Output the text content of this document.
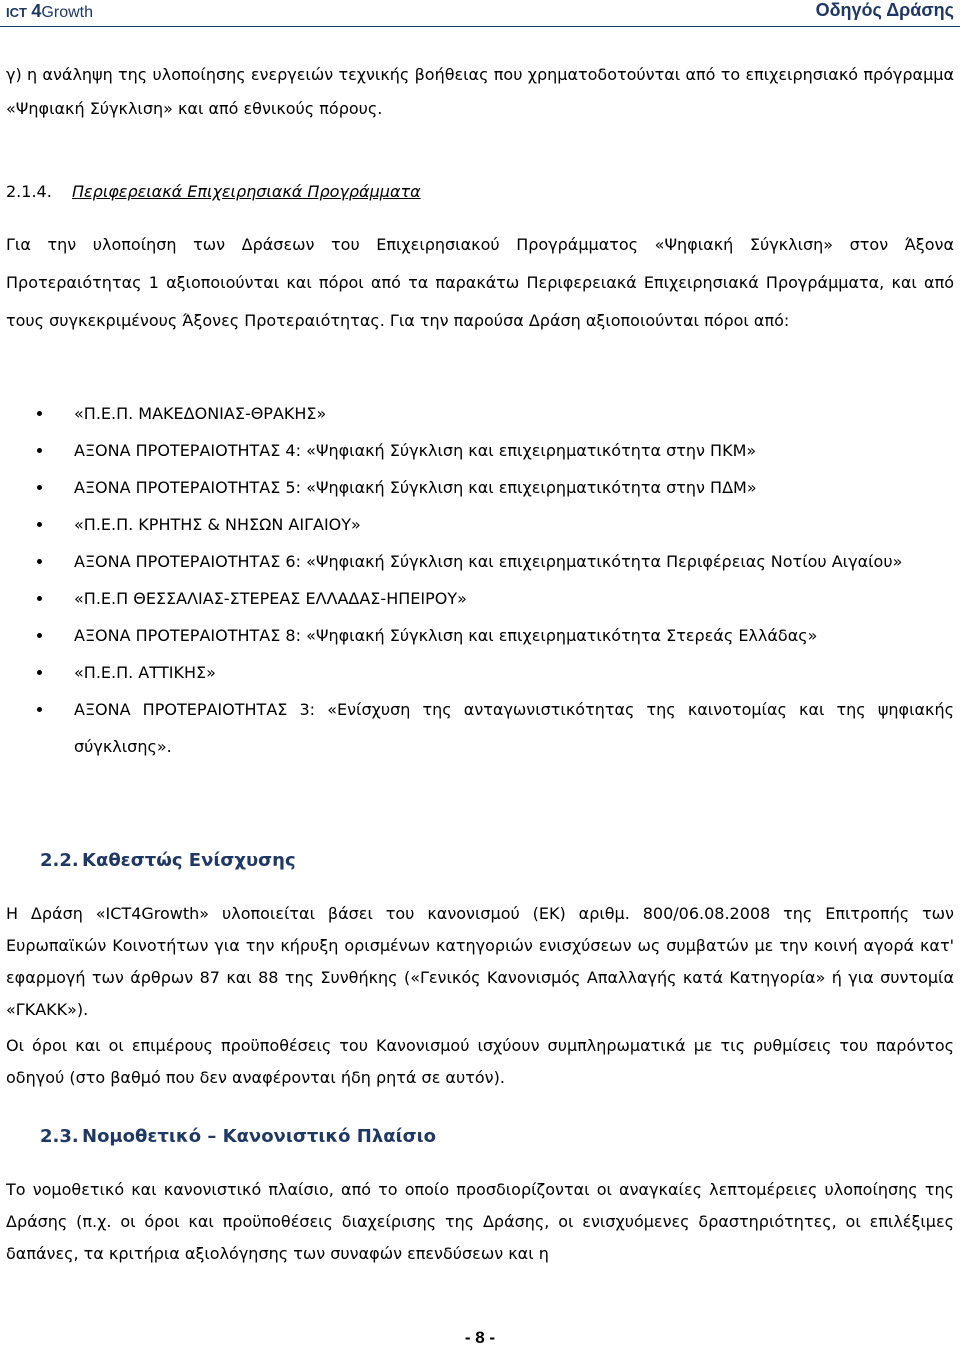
ICT 4Growth	Οδηγός Δράσης

γ) η ανάληψη της υλοποίησης ενεργειών τεχνικής βοήθειας που χρηματοδοτούνται από το επιχειρησιακό πρόγραμμα «Ψηφιακή Σύγκλιση» και από εθνικούς πόρους.

2.1.4. Περιφερειακά Επιχειρησιακά Προγράμματα

Για την υλοποίηση των Δράσεων του Επιχειρησιακού Προγράμματος «Ψηφιακή Σύγκλιση» στον Άξονα Προτεραιότητας 1 αξιοποιούνται και πόροι από τα παρακάτω Περιφερειακά Επιχειρησιακά Προγράμματα, και από τους συγκεκριμένους Άξονες Προτεραιότητας. Για την παρούσα Δράση αξιοποιούνται πόροι από:

«Π.Ε.Π. ΜΑΚΕΔΟΝΙΑΣ-ΘΡΑΚΗΣ»
ΑΞΟΝΑ ΠΡΟΤΕΡΑΙΟΤΗΤΑΣ 4: «Ψηφιακή Σύγκλιση και επιχειρηματικότητα στην ΠΚΜ»
ΑΞΟΝΑ ΠΡΟΤΕΡΑΙΟΤΗΤΑΣ 5: «Ψηφιακή Σύγκλιση και επιχειρηματικότητα στην ΠΔΜ»
«Π.Ε.Π. ΚΡΗΤΗΣ & ΝΗΣΩΝ ΑΙΓΑΙΟΥ»
ΑΞΟΝΑ ΠΡΟΤΕΡΑΙΟΤΗΤΑΣ 6: «Ψηφιακή Σύγκλιση και επιχειρηματικότητα Περιφέρειας Νοτίου Αιγαίου»
«Π.Ε.Π ΘΕΣΣΑΛΙΑΣ-ΣΤΕΡΕΑΣ ΕΛΛΑΔΑΣ-ΗΠΕΙΡΟΥ»
ΑΞΟΝΑ ΠΡΟΤΕΡΑΙΟΤΗΤΑΣ 8: «Ψηφιακή Σύγκλιση και επιχειρηματικότητα Στερεάς Ελλάδας»
«Π.Ε.Π. ΑΤΤΙΚΗΣ»
ΑΞΟΝΑ ΠΡΟΤΕΡΑΙΟΤΗΤΑΣ 3: «Ενίσχυση της ανταγωνιστικότητας της καινοτομίας και της ψηφιακής σύγκλισης».
2.2. Καθεστώς Ενίσχυσης

Η Δράση «ICT4Growth» υλοποιείται βάσει του κανονισμού (ΕΚ) αριθμ. 800/06.08.2008 της Επιτροπής των Ευρωπαϊκών Κοινοτήτων για την κήρυξη ορισμένων κατηγοριών ενισχύσεων ως συμβατών με την κοινή αγορά κατ' εφαρμογή των άρθρων 87 και 88 της Συνθήκης («Γενικός Κανονισμός Απαλλαγής κατά Κατηγορία» ή για συντομία «ΓΚΑΚΚ»).

Οι όροι και οι επιμέρους προϋποθέσεις του Κανονισμού ισχύουν συμπληρωματικά με τις ρυθμίσεις του παρόντος οδηγού (στο βαθμό που δεν αναφέρονται ήδη ρητά σε αυτόν).

2.3. Νομοθετικό – Κανονιστικό Πλαίσιο

Το νομοθετικό και κανονιστικό πλαίσιο, από το οποίο προσδιορίζονται οι αναγκαίες λεπτομέρειες υλοποίησης της Δράσης (π.χ. οι όροι και προϋποθέσεις διαχείρισης της Δράσης, οι ενισχυόμενες δραστηριότητες, οι επιλέξιμες δαπάνες, τα κριτήρια αξιολόγησης των συναφών επενδύσεων και η

- 8 -
